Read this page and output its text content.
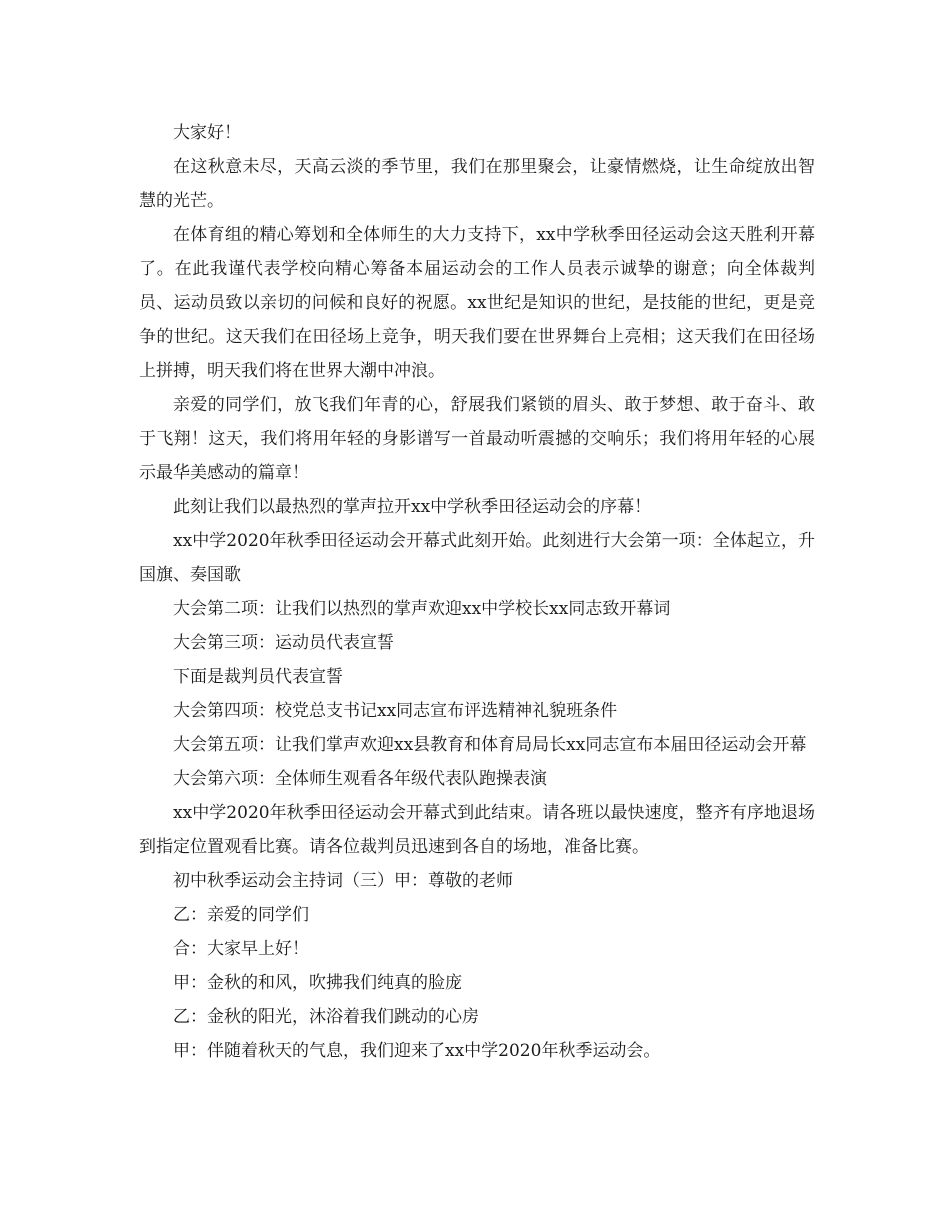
大家好！

在这秋意未尽，天高云淡的季节里，我们在那里聚会，让豪情燃烧，让生命绽放出智慧的光芒。

在体育组的精心筹划和全体师生的大力支持下，xx中学秋季田径运动会这天胜利开幕了。在此我谨代表学校向精心筹备本届运动会的工作人员表示诚挚的谢意；向全体裁判员、运动员致以亲切的问候和良好的祝愿。xx世纪是知识的世纪，是技能的世纪，更是竞争的世纪。这天我们在田径场上竞争，明天我们要在世界舞台上亮相；这天我们在田径场上拼搏，明天我们将在世界大潮中冲浪。

亲爱的同学们，放飞我们年青的心，舒展我们紧锁的眉头、敢于梦想、敢于奋斗、敢于飞翔！这天，我们将用年轻的身影谱写一首最动听震撼的交响乐；我们将用年轻的心展示最华美感动的篇章！

此刻让我们以最热烈的掌声拉开xx中学秋季田径运动会的序幕！

xx中学2020年秋季田径运动会开幕式此刻开始。此刻进行大会第一项：全体起立，升国旗、奏国歌

大会第二项：让我们以热烈的掌声欢迎xx中学校长xx同志致开幕词

大会第三项：运动员代表宣誓

下面是裁判员代表宣誓

大会第四项：校党总支书记xx同志宣布评选精神礼貌班条件

大会第五项：让我们掌声欢迎xx县教育和体育局局长xx同志宣布本届田径运动会开幕

大会第六项：全体师生观看各年级代表队跑操表演

xx中学2020年秋季田径运动会开幕式到此结束。请各班以最快速度，整齐有序地退场到指定位置观看比赛。请各位裁判员迅速到各自的场地，准备比赛。

初中秋季运动会主持词（三）甲：尊敬的老师

乙：亲爱的同学们

合：大家早上好！

甲：金秋的和风，吹拂我们纯真的脸庞

乙：金秋的阳光，沐浴着我们跳动的心房

甲：伴随着秋天的气息，我们迎来了xx中学2020年秋季运动会。
